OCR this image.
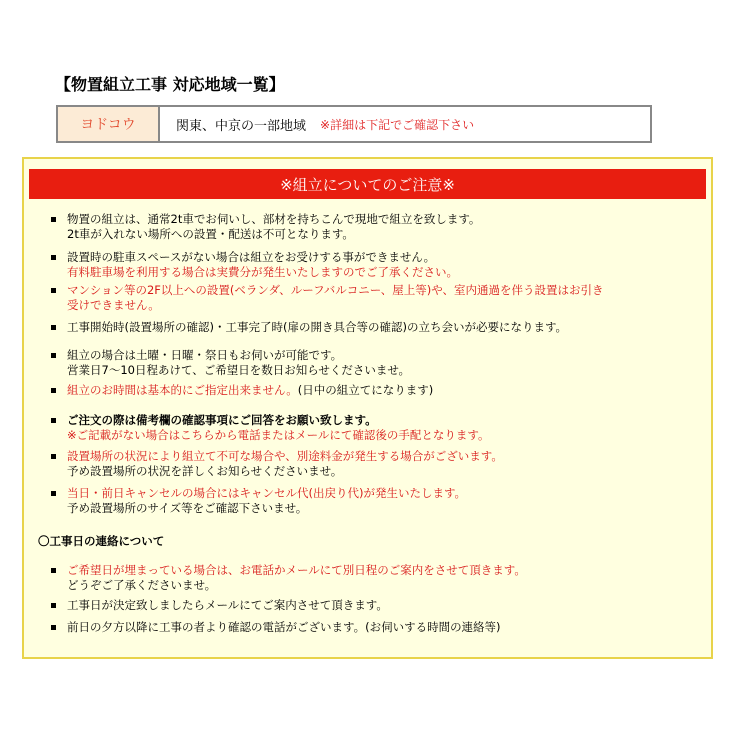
【物置組立工事 対応地域一覧】
ヨドコウ	関東、中京の一部地域 ※詳細は下記でご確認下さい
※組立についてのご注意※
物置の組立は、通常2t車でお伺いし、部材を持ちこんで現地で組立を致します。
2t車が入れない場所への設置・配送は不可となります。
設置時の駐車スペースがない場合は組立をお受けする事ができません。
有料駐車場を利用する場合は実費分が発生いたしますのでご了承ください。
マンション等の2F以上への設置(ベランダ、ルーフバルコニー、屋上等)や、室内通過を伴う設置はお引き
受けできません。
工事開始時(設置場所の確認)・工事完了時(扉の開き具合等の確認)の立ち会いが必要になります。
組立の場合は土曜・日曜・祭日もお伺いが可能です。
営業日7～10日程あけて、ご希望日を数日お知らせくださいませ。
組立のお時間は基本的にご指定出来ません。(日中の組立てになります)
ご注文の際は備考欄の確認事項にご回答をお願い致します。
※ご記載がない場合はこちらから電話またはメールにて確認後の手配となります。
設置場所の状況により組立て不可な場合や、別途料金が発生する場合がございます。
予め設置場所の状況を詳しくお知らせくださいませ。
当日・前日キャンセルの場合にはキャンセル代(出戻り代)が発生いたします。
予め設置場所のサイズ等をご確認下さいませ。
〇工事日の連絡について
ご希望日が埋まっている場合は、お電話かメールにて別日程のご案内をさせて頂きます。
どうぞご了承くださいませ。
工事日が決定致しましたらメールにてご案内させて頂きます。
前日の夕方以降に工事の者より確認の電話がございます。(お伺いする時間の連絡等)
